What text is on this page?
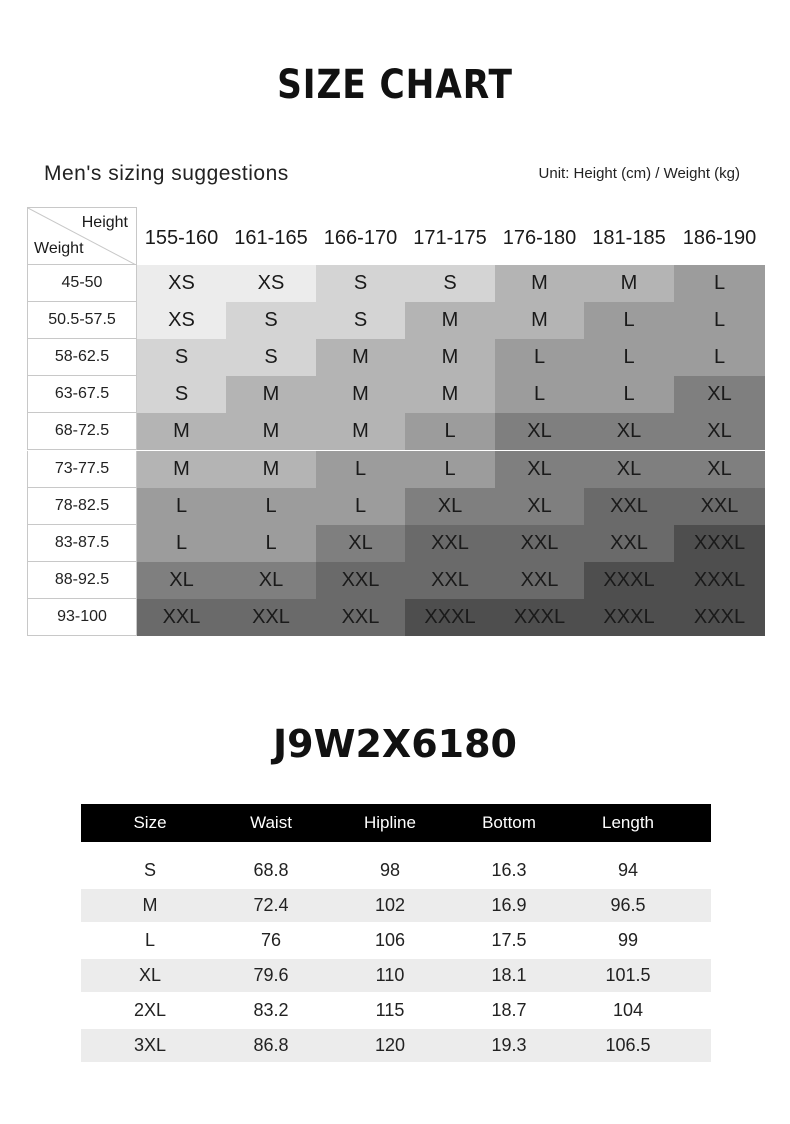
SIZE CHART
Men's sizing suggestions	Unit: Height (cm) / Weight (kg)
Height
Weight	155-160 161-165 166-170 171-175 176-180 181-185 186-190
45-50	XS	XS	S	S	M	M	L
50.5-57.5	XS	S	S	M	M	L	L
58-62.5	S	S	M	M	L	L	L
63-67.5	S	M	M	M	L	L	XL
68-72.5	M	M	M	L	XL	XL	XL
73-77.5	M	M	L	L	XL	XL	XL
78-82.5	L	L	L	XL	XL	XXL	XXL
83-87.5	L	L	XL	XXL	XXL	XXL	XXXL
88-92.5	XL	XL	XXL	XXL	XXL	XXXL	XXXL
93-100	XXL	XXL	XXL	XXXL	XXXL	XXXL	XXXL
J9W2X6180
Size	Waist	Hipline	Bottom	Length
S	68.8	98	16.3	94
M	72.4	102	16.9	96.5
L	76	106	17.5	99
XL	79.6	110	18.1	101.5
2XL	83.2	115	18.7	104
3XL	86.8	120	19.3	106.5
